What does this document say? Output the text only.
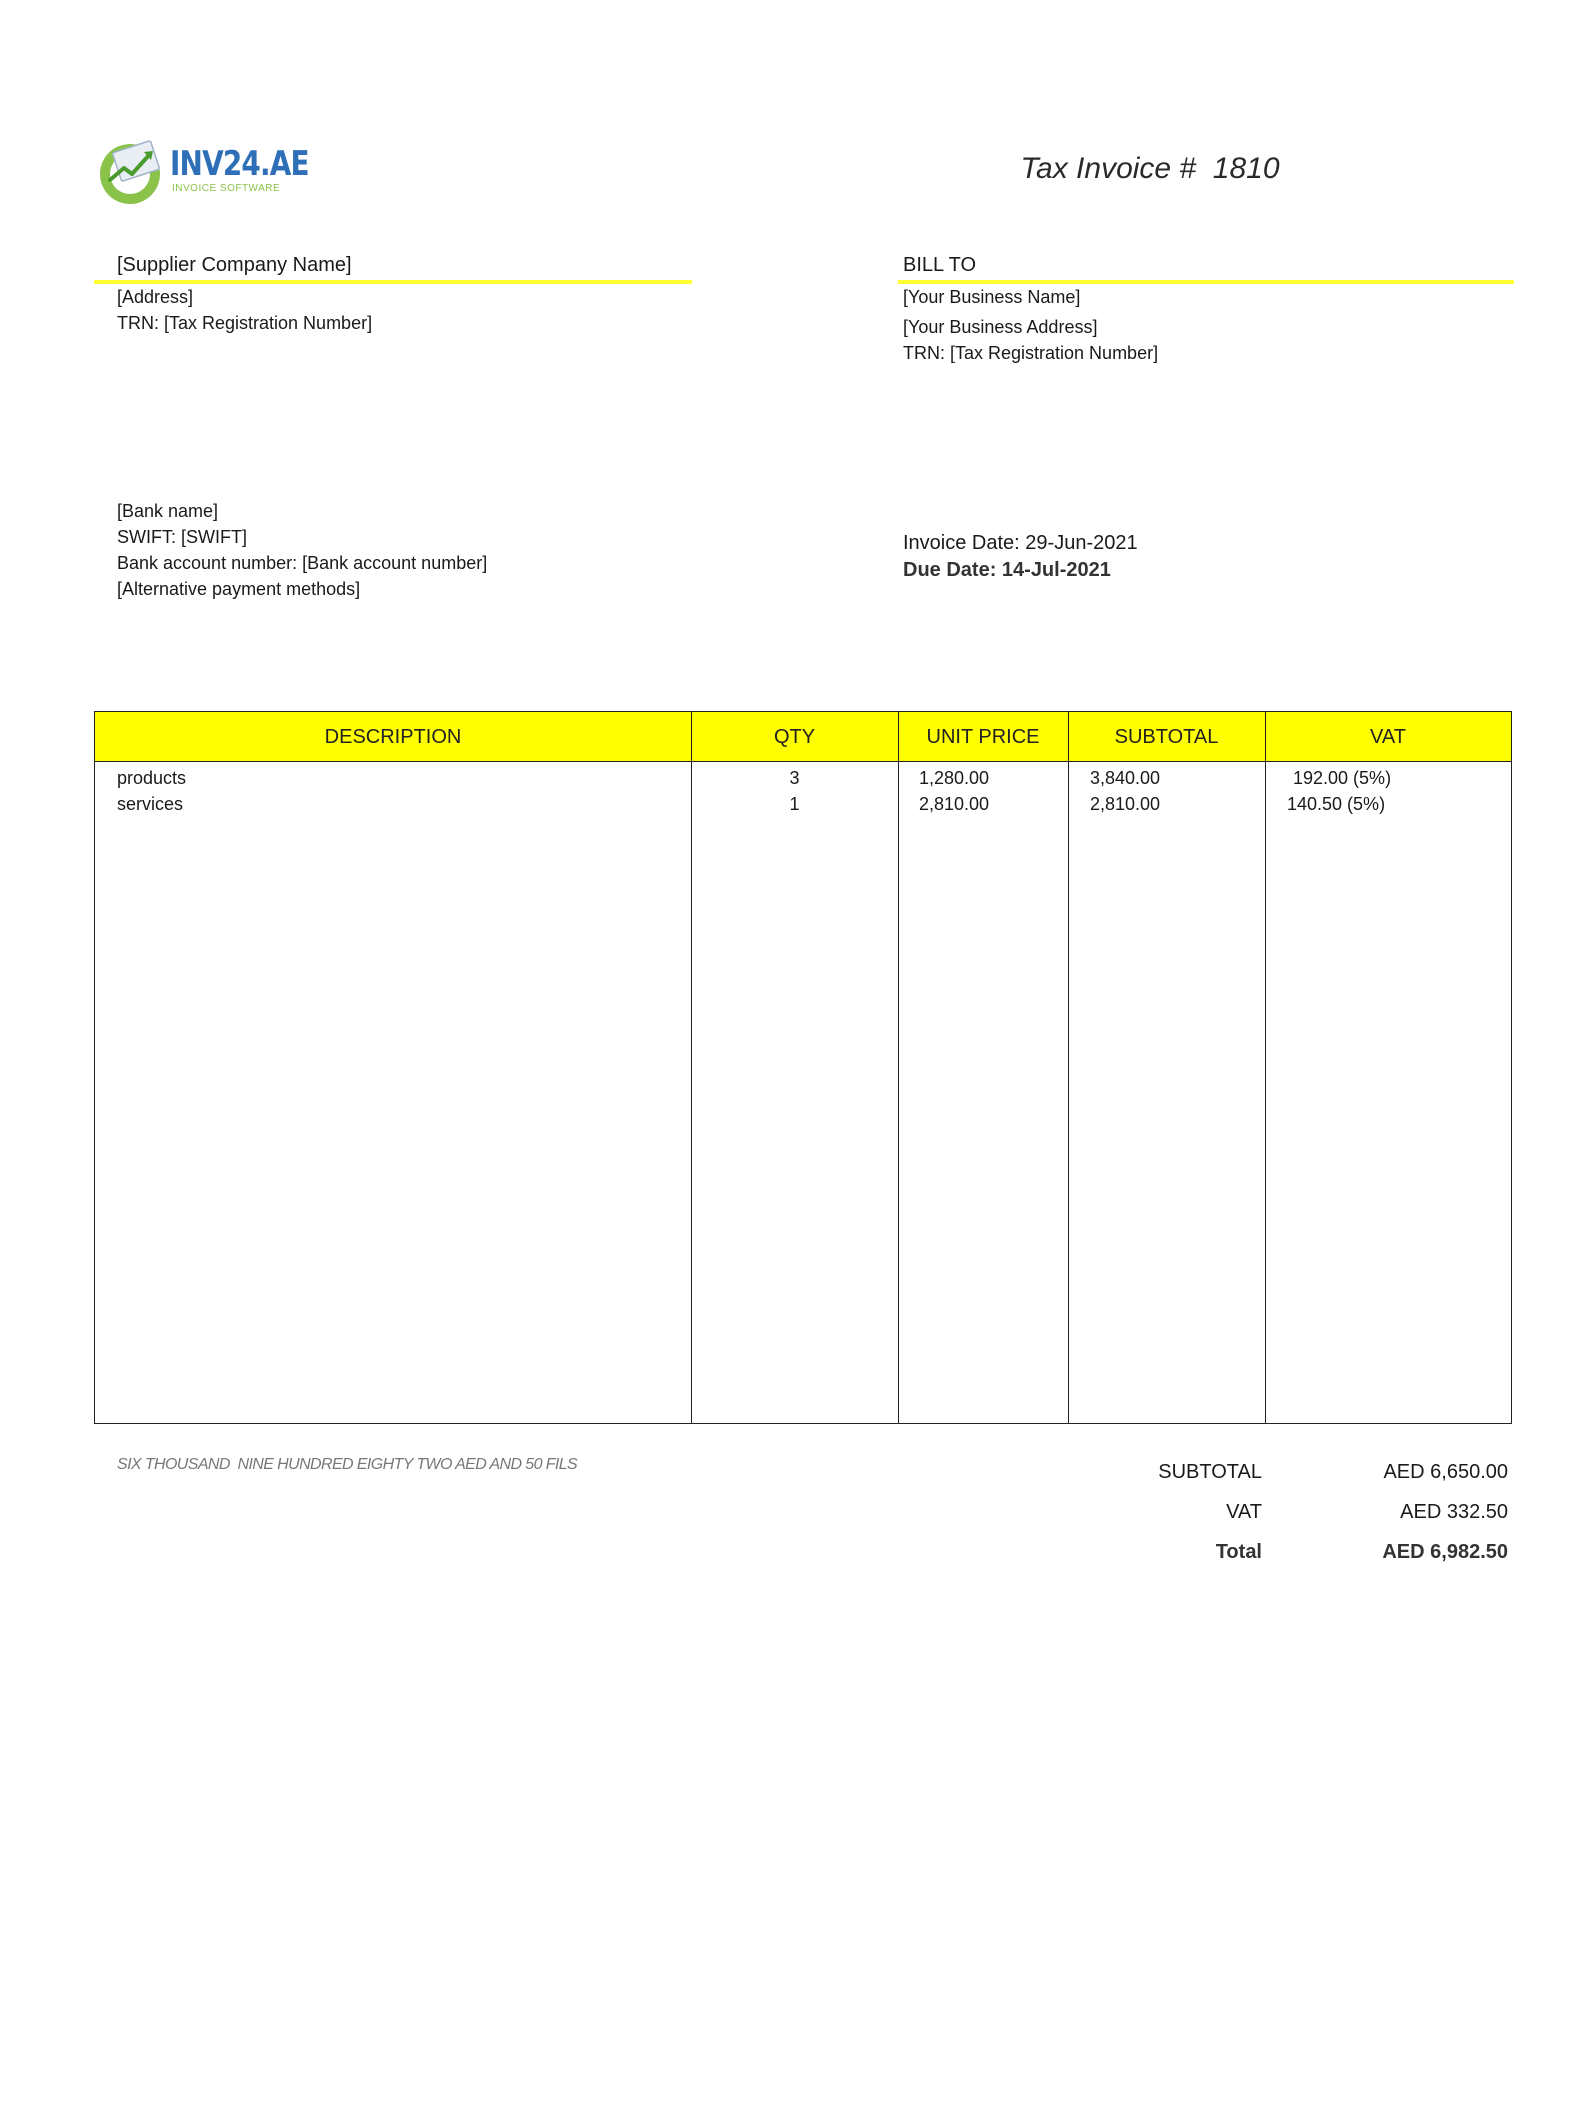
INV24.AE
INVOICE SOFTWARE
Tax Invoice #  1810
[Supplier Company Name]
[Address]
TRN: [Tax Registration Number]
BILL TO
[Your Business Name]
[Your Business Address]
TRN: [Tax Registration Number]
[Bank name]
SWIFT: [SWIFT]
Bank account number: [Bank account number]
[Alternative payment methods]
Invoice Date: 29-Jun-2021
Due Date: 14-Jul-2021
DESCRIPTION	QTY	UNIT PRICE	SUBTOTAL	VAT
products	3	1,280.00	3,840.00	192.00 (5%)
services	1	2,810.00	2,810.00	140.50 (5%)
SIX THOUSAND  NINE HUNDRED EIGHTY TWO AED AND 50 FILS	SUBTOTAL	AED 6,650.00
VAT	AED 332.50
Total	AED 6,982.50
